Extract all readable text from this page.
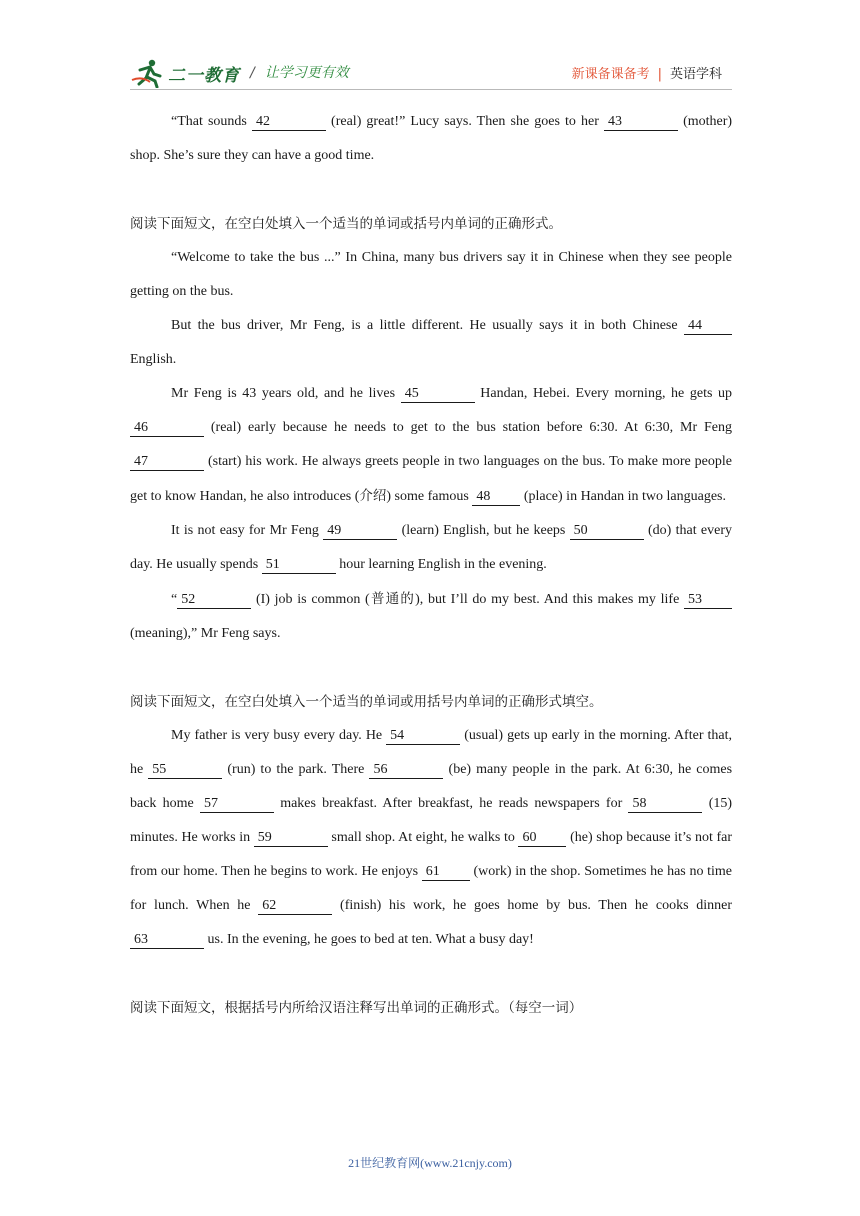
二一教育 / 让学习更有效	新课备课备考 | 英语学科

“That sounds 42	(real) great!” Lucy says. Then she goes to her 43	(mother) shop. She’s sure they can have a good time.

阅读下面短文，在空白处填入一个适当的单词或括号内单词的正确形式。

“Welcome to take the bus ...” In China, many bus drivers say it in Chinese when they see people getting on the bus.

But the bus driver, Mr Feng, is a little different. He usually says it in both Chinese 44 English.

Mr Feng is 43 years old, and he lives 45	Handan, Hebei. Every morning, he gets up 46	(real) early because he needs to get to the bus station before 6:30. At 6:30, Mr Feng 47	(start) his work. He always greets people in two languages on the bus. To make more people get to know Handan, he also introduces (介绍) some famous 48 (place) in Handan in two languages.

It is not easy for Mr Feng 49	(learn) English, but he keeps 50	(do) that every day. He usually spends 51	hour learning English in the evening.

“ 52	(I) job is common (普通的), but I’ll do my best. And this makes my life 53 (meaning),” Mr Feng says.

阅读下面短文，在空白处填入一个适当的单词或用括号内单词的正确形式填空。

My father is very busy every day. He 54	(usual) gets up early in the morning. After that, he 55	(run) to the park. There 56	(be) many people in the park. At 6:30, he comes back home 57	makes breakfast. After breakfast, he reads newspapers for 58	(15) minutes. He works in 59	small shop. At eight, he walks to 60 (he) shop because it’s not far from our home. Then he begins to work. He enjoys 61 (work) in the shop. Sometimes he has no time for lunch. When he 62	(finish) his work, he goes home by bus. Then he cooks dinner 63	us. In the evening, he goes to bed at ten. What a busy day!

阅读下面短文，根据括号内所给汉语注释写出单词的正确形式。（每空一词）

21世纪教育网(www.21cnjy.com)
